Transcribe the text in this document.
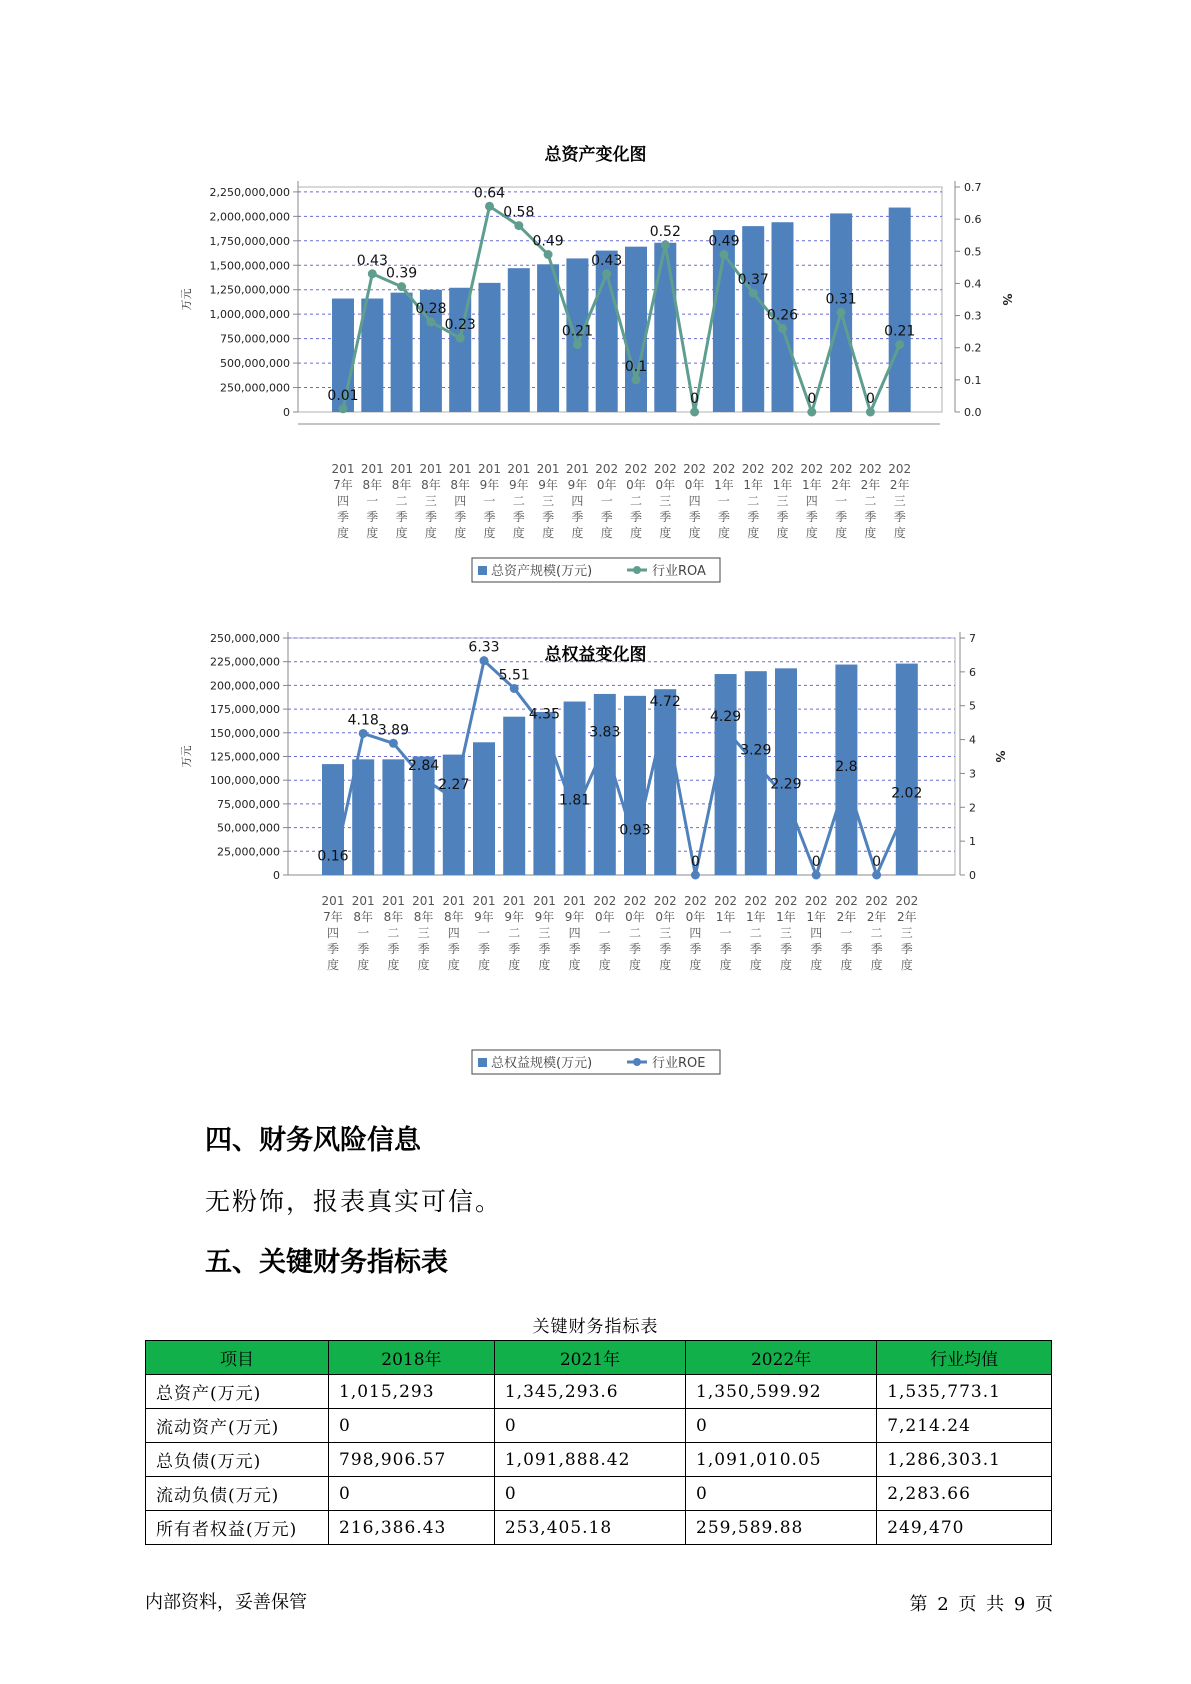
总资产变化图
0
250,000,000
500,000,000
750,000,000
1,000,000,000
1,250,000,000
1,500,000,000
1,750,000,000
2,000,000,000
2,250,000,000
0.0
0.1
0.2
0.3
0.4
0.5
0.6
0.7
万元	%
0.01
0.43
0.39
0.28
0.23
0.64
0.58
0.49
0.21
0.43
0.1
0.52
0
0.49
0.37
0.26
0
0.31
0
0.21
201
7年
四
季
度
201
8年
一
季
度
201
8年
二
季
度
201
8年
三
季
度
201
8年
四
季
度
201
9年
一
季
度
201
9年
二
季
度
201
9年
三
季
度
201
9年
四
季
度
202
0年
一
季
度
202
0年
二
季
度
202
0年
三
季
度
202
0年
四
季
度
202
1年
一
季
度
202
1年
二
季
度
202
1年
三
季
度
202
1年
四
季
度
202
2年
一
季
度
202
2年
二
季
度
202
2年
三
季
度
总资产规模(万元)	行业ROA
总权益变化图
0
25,000,000
50,000,000
75,000,000
100,000,000
125,000,000
150,000,000
175,000,000
200,000,000
225,000,000
250,000,000
0
1
2
3
4
5
6
7
万元	%
0.16
4.18
3.89
2.84
2.27
6.33
5.51
4.35
1.81
3.83
0.93
4.72
0
4.29
3.29
2.29
0
2.8
0
2.02
201
7年
四
季
度
201
8年
一
季
度
201
8年
二
季
度
201
8年
三
季
度
201
8年
四
季
度
201
9年
一
季
度
201
9年
二
季
度
201
9年
三
季
度
201
9年
四
季
度
202
0年
一
季
度
202
0年
二
季
度
202
0年
三
季
度
202
0年
四
季
度
202
1年
一
季
度
202
1年
二
季
度
202
1年
三
季
度
202
1年
四
季
度
202
2年
一
季
度
202
2年
二
季
度
202
2年
三
季
度
总权益规模(万元)	行业ROE
四、财务风险信息
无粉饰，报表真实可信。
五、关键财务指标表
关键财务指标表
项目	2018年	2021年	2022年	行业均值
总资产(万元)	1,015,293	1,345,293.6	1,350,599.92	1,535,773.1
流动资产(万元)	0	0	0	7,214.24
总负债(万元)	798,906.57	1,091,888.42	1,091,010.05	1,286,303.1
流动负债(万元)	0	0	0	2,283.66
所有者权益(万元)	216,386.43	253,405.18	259,589.88	249,470
内部资料，妥善保管	第 2 页 共 9 页
